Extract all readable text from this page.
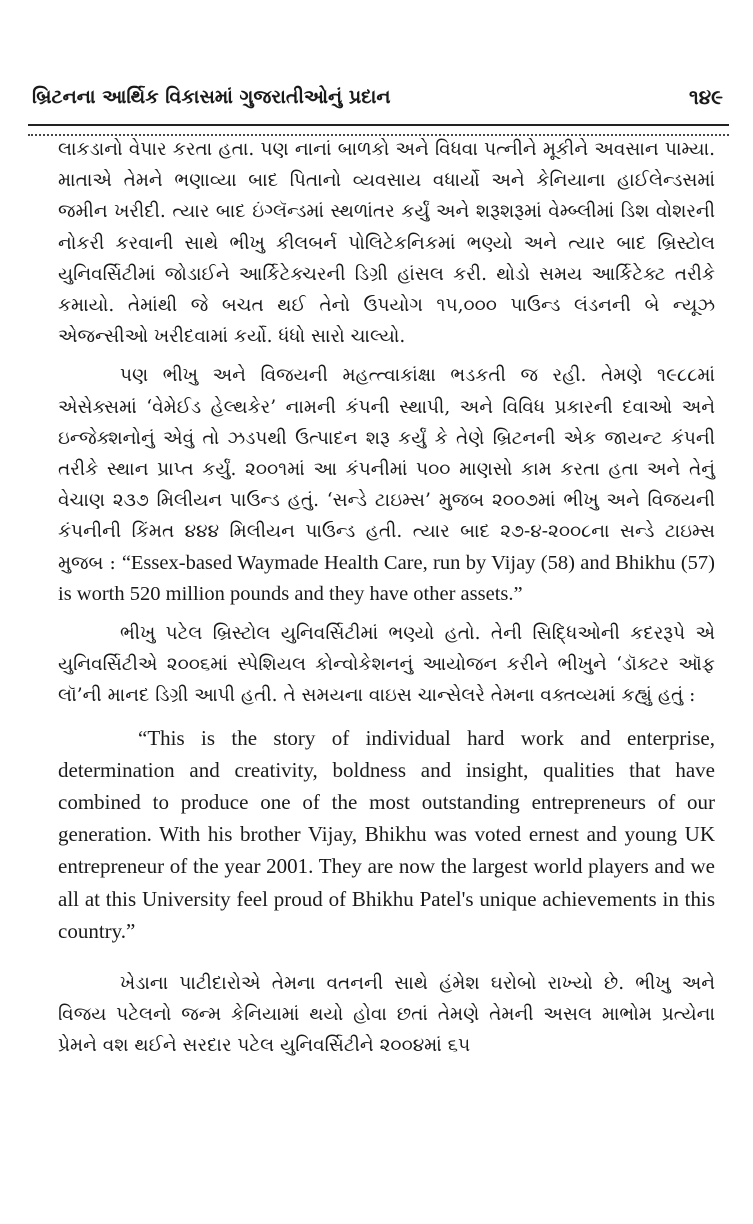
બ્રિટનના આર્થિક વિકાસમાં ગુજરાતીઓનું પ્રદાન	૧૪૯

લાકડાનો વેપાર કરતા હતા. પણ નાનાં બાળકો અને વિધવા પત્નીને મૂકીને અવસાન પામ્યા. માતાએ તેમને ભણાવ્યા બાદ પિતાનો વ્યવસાય વધાર્યો અને કેનિયાના હાઈલેન્ડસમાં જમીન ખરીદી. ત્યાર બાદ ઇંગ્લૅન્ડમાં સ્થળાંતર કર્યું અને શરૂશરૂમાં વેમ્બ્લીમાં ડિશ વોશરની નોકરી કરવાની સાથે ભીખુ કીલબર્ન પોલિટેકનિકમાં ભણ્યો અને ત્યાર બાદ બ્રિસ્ટોલ યુનિવર્સિટીમાં જોડાઈને આર્કિટેક્ચરની ડિગ્રી હાંસલ કરી. થોડો સમય આર્કિટેક્ટ તરીકે કમાયો. તેમાંથી જે બચત થઈ તેનો ઉપયોગ ૧૫,૦૦૦ પાઉન્ડ લંડનની બે ન્યૂઝ એજન્સીઓ ખરીદવામાં કર્યો. ધંધો સારો ચાલ્યો.

પણ ભીખુ અને વિજયની મહત્ત્વાકાંક્ષા ભડકતી જ રહી. તેમણે ૧૯૮૮માં એસેક્સમાં ‘વેમેઈડ હેલ્થકેર’ નામની કંપની સ્થાપી, અને વિવિધ પ્રકારની દવાઓ અને ઇન્જેક્શનોનું એવું તો ઝડપથી ઉત્પાદન શરૂ કર્યું કે તેણે બ્રિટનની એક જાયન્ટ કંપની તરીકે સ્થાન પ્રાપ્ત કર્યું. ૨૦૦૧માં આ કંપનીમાં ૫૦૦ માણસો કામ કરતા હતા અને તેનું વેચાણ ૨૩૭ મિલીયન પાઉન્ડ હતું. ‘સન્ડે ટાઇમ્સ’ મુજબ ૨૦૦૭માં ભીખુ અને વિજયની કંપનીની કિંમત ૪૪૪ મિલીયન પાઉન્ડ હતી. ત્યાર બાદ ૨૭-૪-૨૦૦૮ના સન્ડે ટાઇમ્સ મુજબ : “Essex-based Waymade Health Care, run by Vijay (58) and Bhikhu (57) is worth 520 million pounds and they have other assets.”

ભીખુ પટેલ બ્રિસ્ટોલ યુનિવર્સિટીમાં ભણ્યો હતો. તેની સિદ્ધિઓની કદરરૂપે એ યુનિવર્સિટીએ ૨૦૦૬માં સ્પેશિયલ કોન્વોકેશનનું આયોજન કરીને ભીખુને ‘ડૉક્ટર ઑફ લૉ’ની માનદ ડિગ્રી આપી હતી. તે સમયના વાઇસ ચાન્સેલરે તેમના વક્તવ્યમાં કહ્યું હતું :

“This is the story of individual hard work and enterprise, determination and creativity, boldness and insight, qualities that have combined to produce one of the most outstanding entrepreneurs of our generation. With his brother Vijay, Bhikhu was voted ernest and young UK entrepreneur of the year 2001. They are now the largest world players and we all at this University feel proud of Bhikhu Patel's unique achievements in this country.”

ખેડાના પાટીદારોએ તેમના વતનની સાથે હંમેશ ઘરોબો રાખ્યો છે. ભીખુ અને વિજય પટેલનો જન્મ કેનિયામાં થયો હોવા છતાં તેમણે તેમની અસલ માભોમ પ્રત્યેના પ્રેમને વશ થઈને સરદાર પટેલ યુનિવર્સિટીને ૨૦૦૪માં ૬૫
